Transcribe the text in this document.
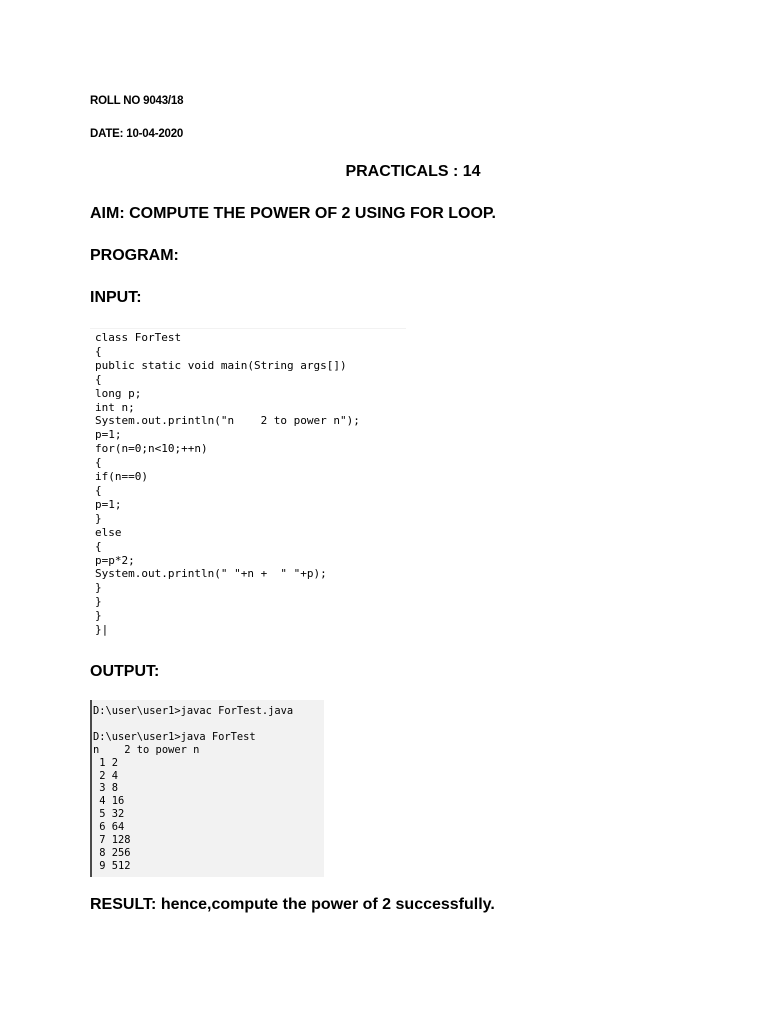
ROLL NO 9043/18
DATE: 10-04-2020
PRACTICALS : 14
AIM: COMPUTE THE POWER OF 2 USING FOR LOOP.
PROGRAM:
INPUT:
class ForTest
{
public static void main(String args[])
{
long p;
int n;
System.out.println("n    2 to power n");
p=1;
for(n=0;n<10;++n)
{
if(n==0)
{
p=1;
}
else
{
p=p*2;
System.out.println(" "+n +  " "+p);
}
}
}
}|
OUTPUT:
D:\user\user1>javac ForTest.java

D:\user\user1>java ForTest
n    2 to power n
1 2
2 4
3 8
4 16
5 32
6 64
7 128
8 256
9 512
RESULT: hence,compute the power of 2 successfully.
